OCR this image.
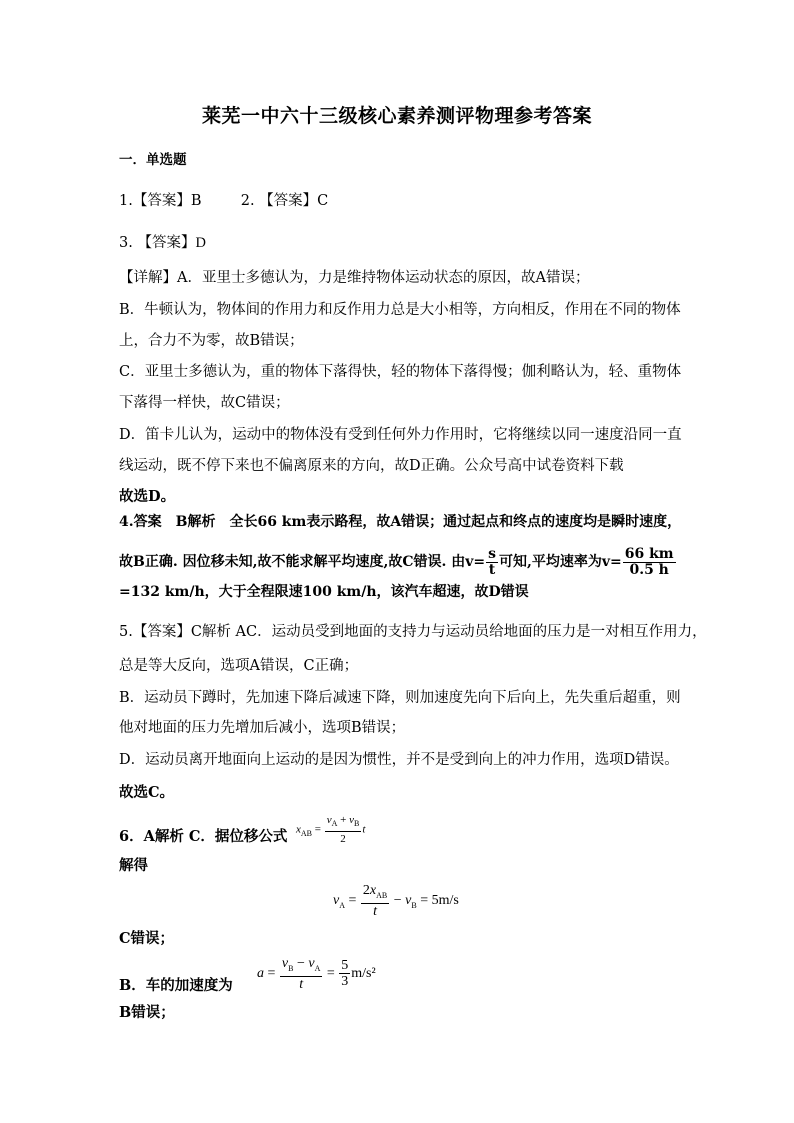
莱芜一中六十三级核心素养测评物理参考答案
一．单选题
1.【答案】B	2. 【答案】C
3. 【答案】D
【详解】A．亚里士多德认为，力是维持物体运动状态的原因，故A错误；
B．牛顿认为，物体间的作用力和反作用力总是大小相等，方向相反，作用在不同的物体
上，合力不为零，故B错误；
C．亚里士多德认为，重的物体下落得快，轻的物体下落得慢；伽利略认为，轻、重物体
下落得一样快，故C错误；
D．笛卡儿认为，运动中的物体没有受到任何外力作用时，它将继续以同一速度沿同一直
线运动，既不停下来也不偏离原来的方向，故D正确。公众号高中试卷资料下载
故选D。
4.答案　B解析　全长66 km表示路程，故A错误；通过起点和终点的速度均是瞬时速度，
故B正确. 因位移未知,故不能求解平均速度,故C错误. 由$v= \frac{s}{t}$ 可知,平均速率为$v= \frac{66 km}{0.5 h}$
=132 km/h，大于全程限速100 km/h，该汽车超速，故D错误
5.【答案】C解析 AC．运动员受到地面的支持力与运动员给地面的压力是一对相互作用力，
总是等大反向，选项A错误，C正确；
B．运动员下蹲时，先加速下降后减速下降，则加速度先向下后向上，先失重后超重，则
他对地面的压力先增加后减小，选项B错误；
D．运动员离开地面向上运动的是因为惯性，并不是受到向上的冲力作用，选项D错误。
故选C。
6．A解析 C．据位移公式 $x_{AB} = \frac{v_A + v_B}{2}$ t
解得
$v_A = \frac{2x_{AB}}{t} - v_B = 5m/s$
C错误；
$a = \frac{v_B - v_A}{t} = \frac{5}{3} m/s^2$
B．车的加速度为
B错误；
